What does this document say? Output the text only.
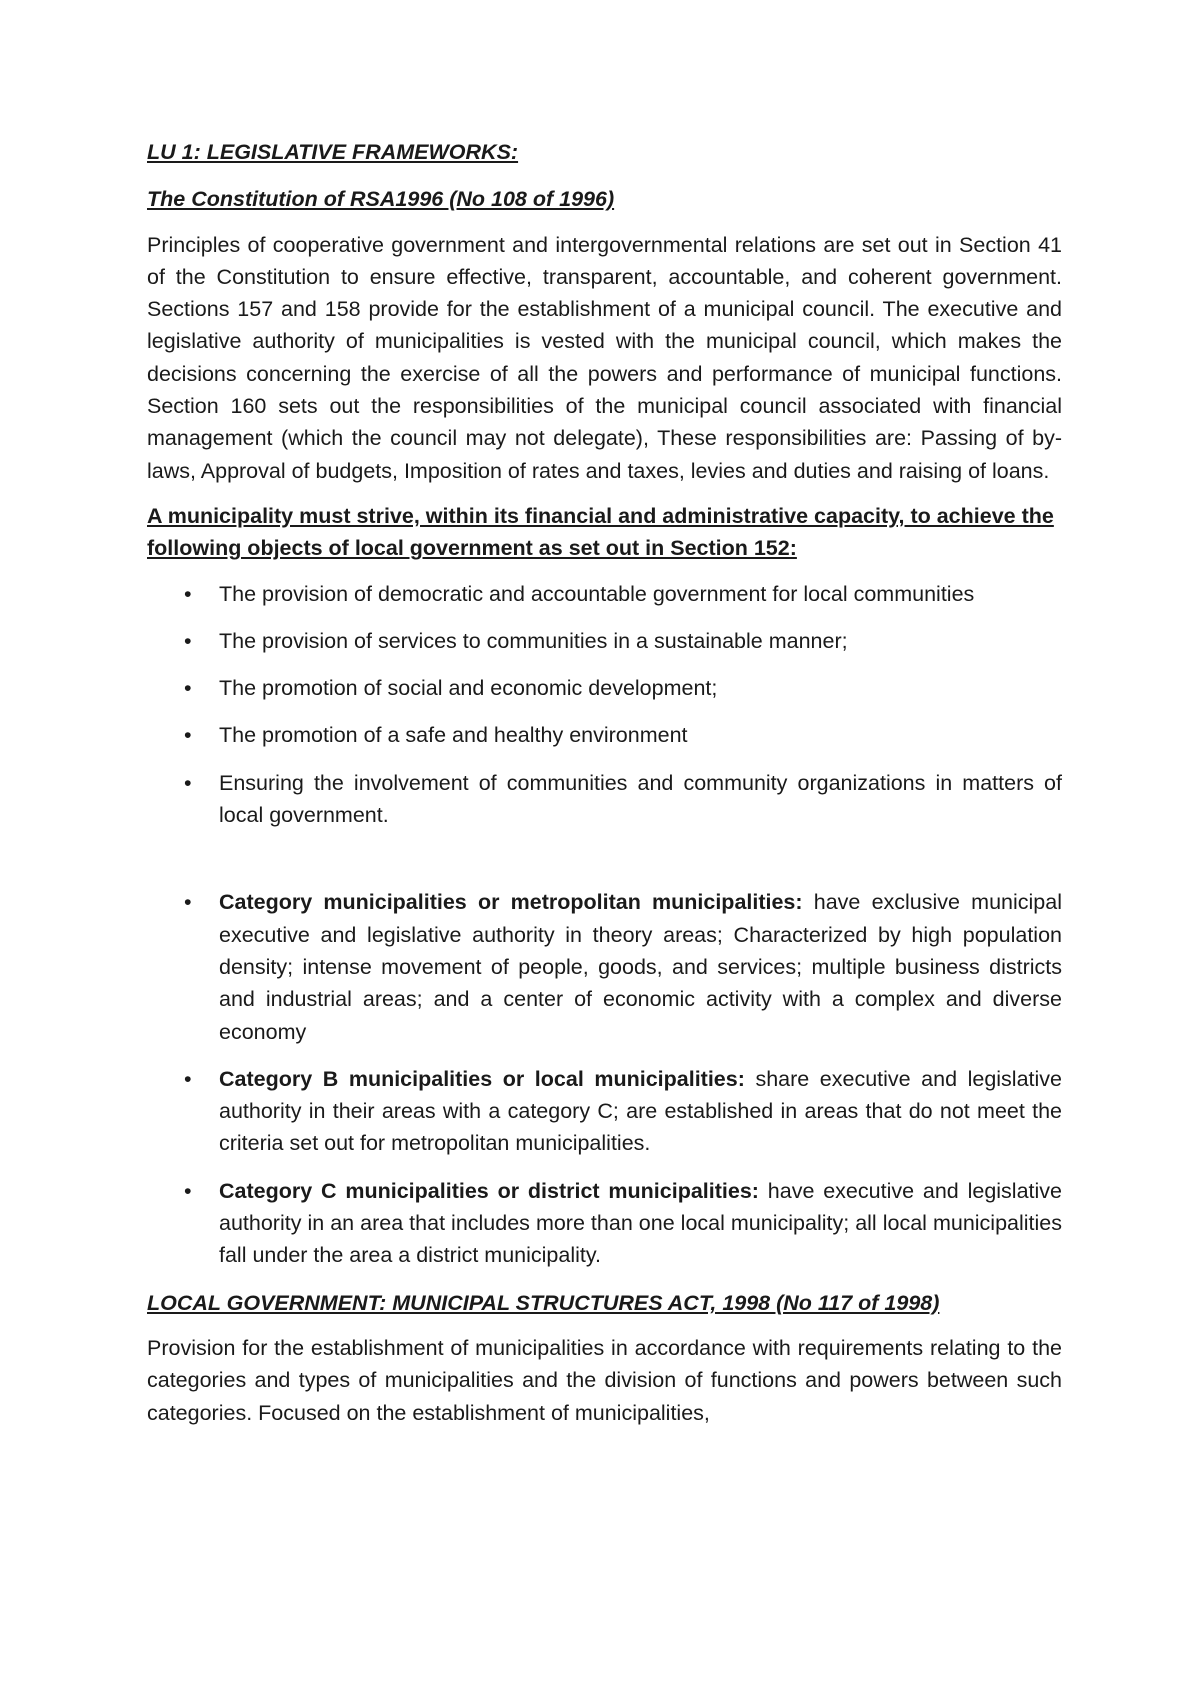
LU 1: LEGISLATIVE FRAMEWORKS:

The Constitution of RSA1996 (No 108 of 1996)

Principles of cooperative government and intergovernmental relations are set out in Section 41 of the Constitution to ensure effective, transparent, accountable, and coherent government. Sections 157 and 158 provide for the establishment of a municipal council. The executive and legislative authority of municipalities is vested with the municipal council, which makes the decisions concerning the exercise of all the powers and performance of municipal functions. Section 160 sets out the responsibilities of the municipal council associated with financial management (which the council may not delegate), These responsibilities are: Passing of by-laws, Approval of budgets, Imposition of rates and taxes, levies and duties and raising of loans.

A municipality must strive, within its financial and administrative capacity, to achieve the following objects of local government as set out in Section 152:

• The provision of democratic and accountable government for local communities
• The provision of services to communities in a sustainable manner;
• The promotion of social and economic development;
• The promotion of a safe and healthy environment
• Ensuring the involvement of communities and community organizations in matters of local government.
• Category municipalities or metropolitan municipalities: have exclusive municipal executive and legislative authority in theory areas; Characterized by high population density; intense movement of people, goods, and services; multiple business districts and industrial areas; and a center of economic activity with a complex and diverse economy
• Category B municipalities or local municipalities: share executive and legislative authority in their areas with a category C; are established in areas that do not meet the criteria set out for metropolitan municipalities.
• Category C municipalities or district municipalities: have executive and legislative authority in an area that includes more than one local municipality; all local municipalities fall under the area a district municipality.

LOCAL GOVERNMENT: MUNICIPAL STRUCTURES ACT, 1998 (No 117 of 1998)

Provision for the establishment of municipalities in accordance with requirements relating to the categories and types of municipalities and the division of functions and powers between such categories. Focused on the establishment of municipalities,
